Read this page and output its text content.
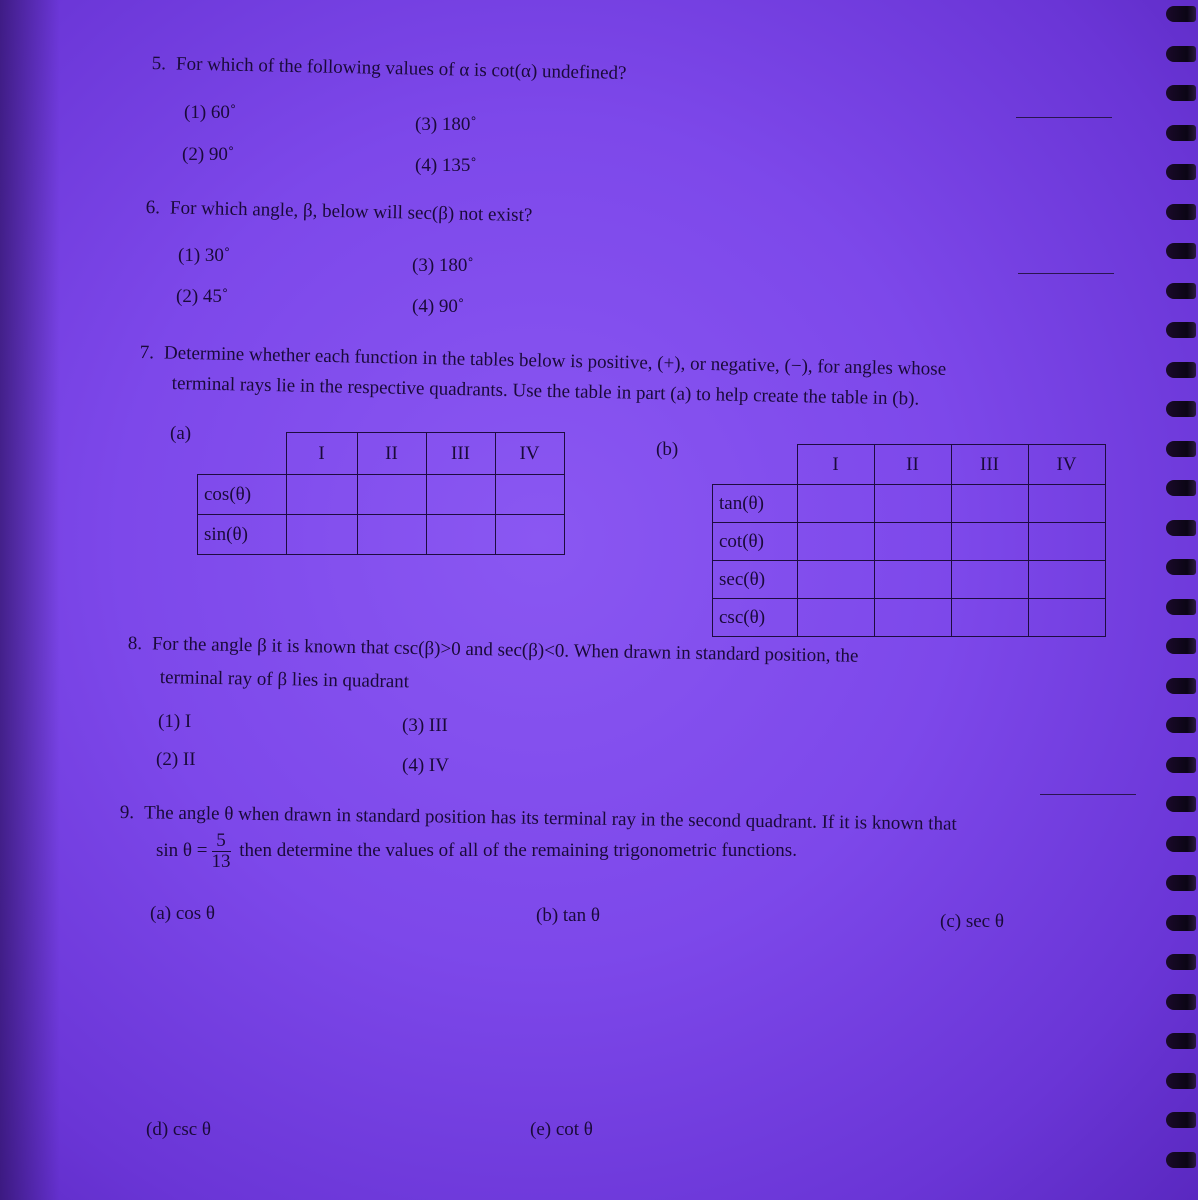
5. For which of the following values of α is cot(α) undefined?
(1) 60˚
(2) 90˚
(3) 180˚
(4) 135˚
6. For which angle, β, below will sec(β) not exist?
(1) 30˚
(2) 45˚
(3) 180˚
(4) 90˚
7. Determine whether each function in the tables below is positive, (+), or negative, (−), for angles whose
terminal rays lie in the respective quadrants. Use the table in part (a) to help create the table in (b).
(a)
(b)
	I	II	III	IV
cos(θ)				
sin(θ)				
	I	II	III	IV
tan(θ)				
cot(θ)				
sec(θ)				
csc(θ)				
8. For the angle β it is known that csc(β)>0 and sec(β)<0. When drawn in standard position, the
terminal ray of β lies in quadrant
(1) I
(2) II
(3) III
(4) IV
9. The angle θ when drawn in standard position has its terminal ray in the second quadrant. If it is known that
$\sin \theta = \frac{5}{13}$ then determine the values of all of the remaining trigonometric functions.
(a) cos θ	(b) tan θ	(c) sec θ
(d) csc θ	(e) cot θ
